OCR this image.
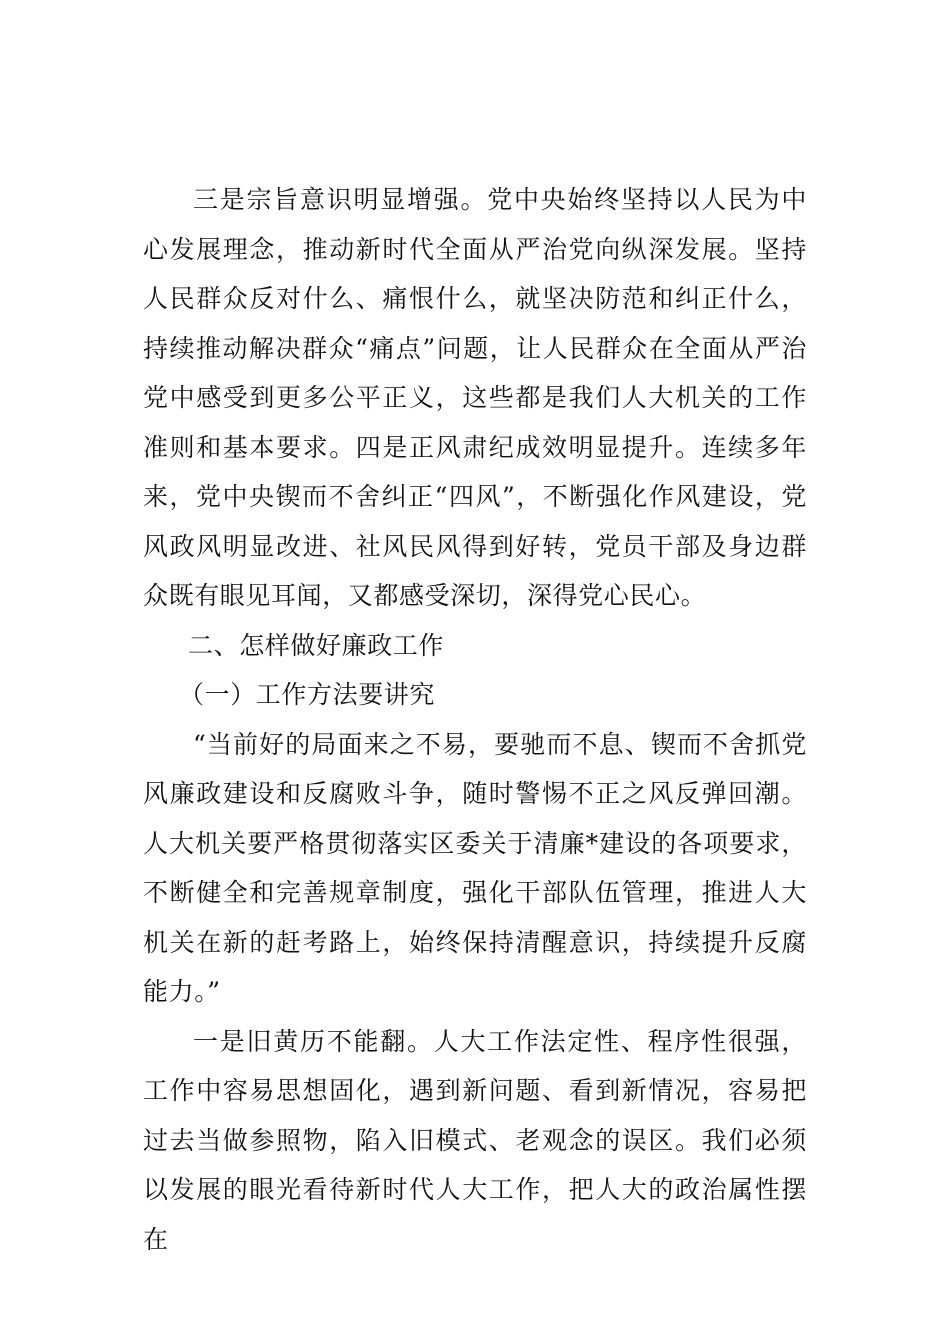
三是宗旨意识明显增强。党中央始终坚持以人民为中心发展理念，推动新时代全面从严治党向纵深发展。坚持人民群众反对什么、痛恨什么，就坚决防范和纠正什么，持续推动解决群众“痛点”问题，让人民群众在全面从严治党中感受到更多公平正义，这些都是我们人大机关的工作准则和基本要求。四是正风肃纪成效明显提升。连续多年来，党中央锲而不舍纠正“四风”，不断强化作风建设，党风政风明显改进、社风民风得到好转，党员干部及身边群众既有眼见耳闻，又都感受深切，深得党心民心。

二、怎样做好廉政工作

（一）工作方法要讲究

“当前好的局面来之不易，要驰而不息、锲而不舍抓党风廉政建设和反腐败斗争，随时警惕不正之风反弹回潮。人大机关要严格贯彻落实区委关于清廉*建设的各项要求，不断健全和完善规章制度，强化干部队伍管理，推进人大机关在新的赶考路上，始终保持清醒意识，持续提升反腐能力。”

一是旧黄历不能翻。人大工作法定性、程序性很强，工作中容易思想固化，遇到新问题、看到新情况，容易把过去当做参照物，陷入旧模式、老观念的误区。我们必须以发展的眼光看待新时代人大工作，把人大的政治属性摆在
